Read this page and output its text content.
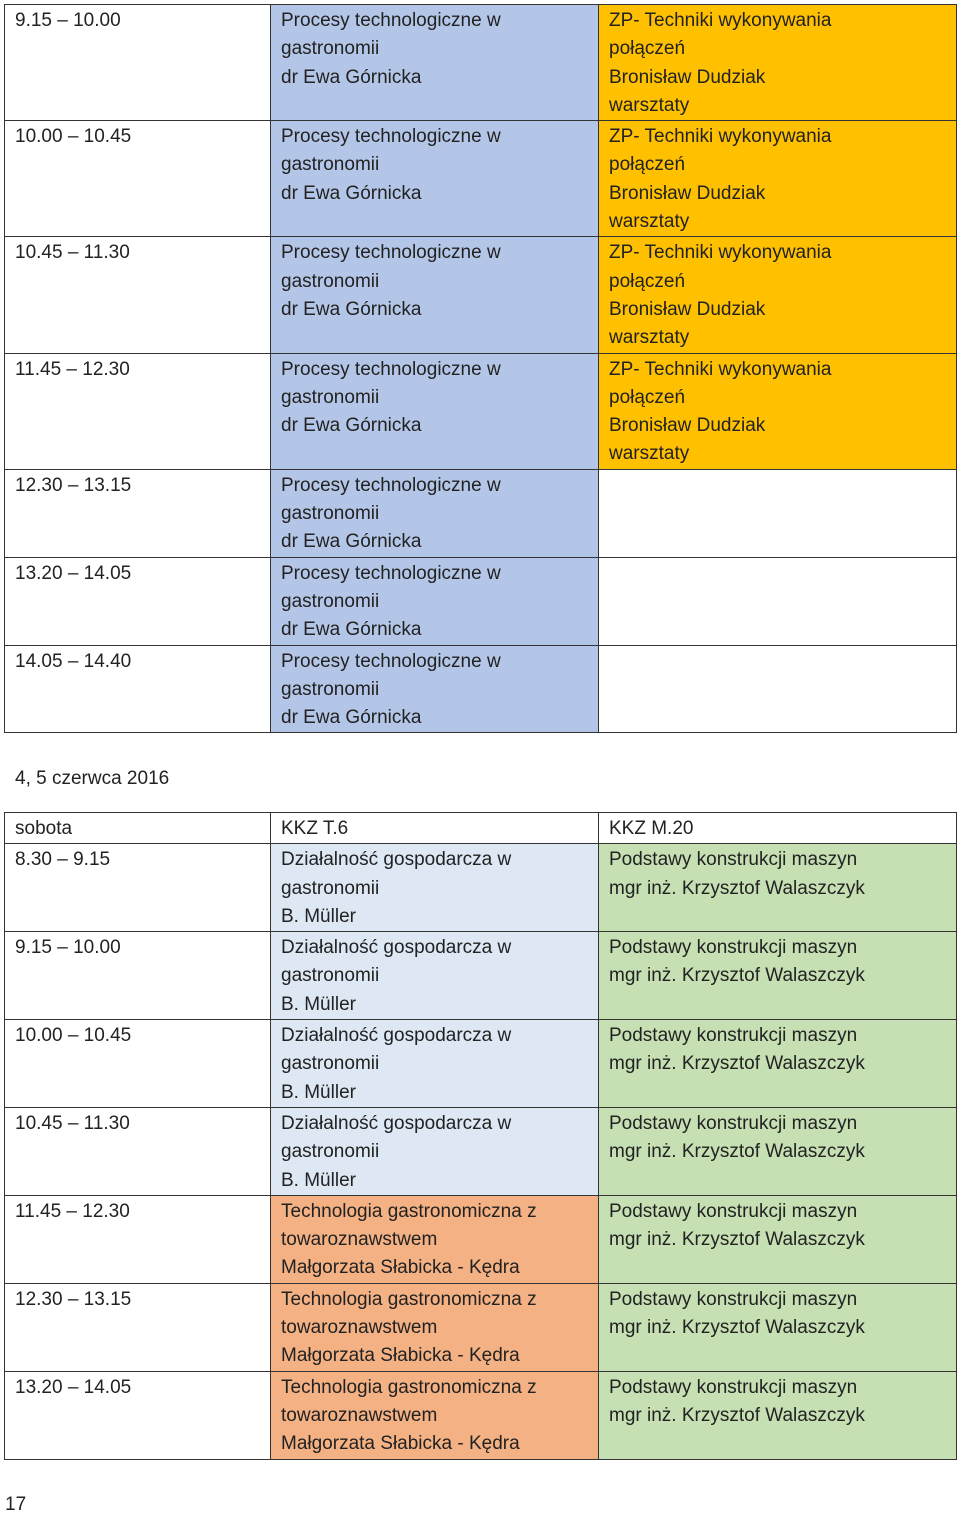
9.15 – 10.00	Procesy technologiczne w
gastronomii
dr Ewa Górnicka	ZP- Techniki wykonywania
połączeń
Bronisław Dudziak
warsztaty

10.00 – 10.45	Procesy technologiczne w
gastronomii
dr Ewa Górnicka	ZP- Techniki wykonywania
połączeń
Bronisław Dudziak
warsztaty

10.45 – 11.30	Procesy technologiczne w
gastronomii
dr Ewa Górnicka	ZP- Techniki wykonywania
połączeń
Bronisław Dudziak
warsztaty

11.45 – 12.30	Procesy technologiczne w
gastronomii
dr Ewa Górnicka	ZP- Techniki wykonywania
połączeń
Bronisław Dudziak
warsztaty

12.30 – 13.15	Procesy technologiczne w
gastronomii
dr Ewa Górnicka	

13.20 – 14.05	Procesy technologiczne w
gastronomii
dr Ewa Górnicka	

14.05 – 14.40	Procesy technologiczne w
gastronomii
dr Ewa Górnicka	

4, 5 czerwca 2016
sobota	KKZ T.6	KKZ M.20

8.30 – 9.15	Działalność gospodarcza w
gastronomii
B. Müller	Podstawy konstrukcji maszyn
mgr inż. Krzysztof Walaszczyk

9.15 – 10.00	Działalność gospodarcza w
gastronomii
B. Müller	Podstawy konstrukcji maszyn
mgr inż. Krzysztof Walaszczyk

10.00 – 10.45	Działalność gospodarcza w
gastronomii
B. Müller	Podstawy konstrukcji maszyn
mgr inż. Krzysztof Walaszczyk

10.45 – 11.30	Działalność gospodarcza w
gastronomii
B. Müller	Podstawy konstrukcji maszyn
mgr inż. Krzysztof Walaszczyk

11.45 – 12.30	Technologia gastronomiczna z
towaroznawstwem
Małgorzata Słabicka - Kędra	Podstawy konstrukcji maszyn
mgr inż. Krzysztof Walaszczyk

12.30 – 13.15	Technologia gastronomiczna z
towaroznawstwem
Małgorzata Słabicka - Kędra	Podstawy konstrukcji maszyn
mgr inż. Krzysztof Walaszczyk

13.20 – 14.05	Technologia gastronomiczna z
towaroznawstwem
Małgorzata Słabicka - Kędra	Podstawy konstrukcji maszyn
mgr inż. Krzysztof Walaszczyk
17
